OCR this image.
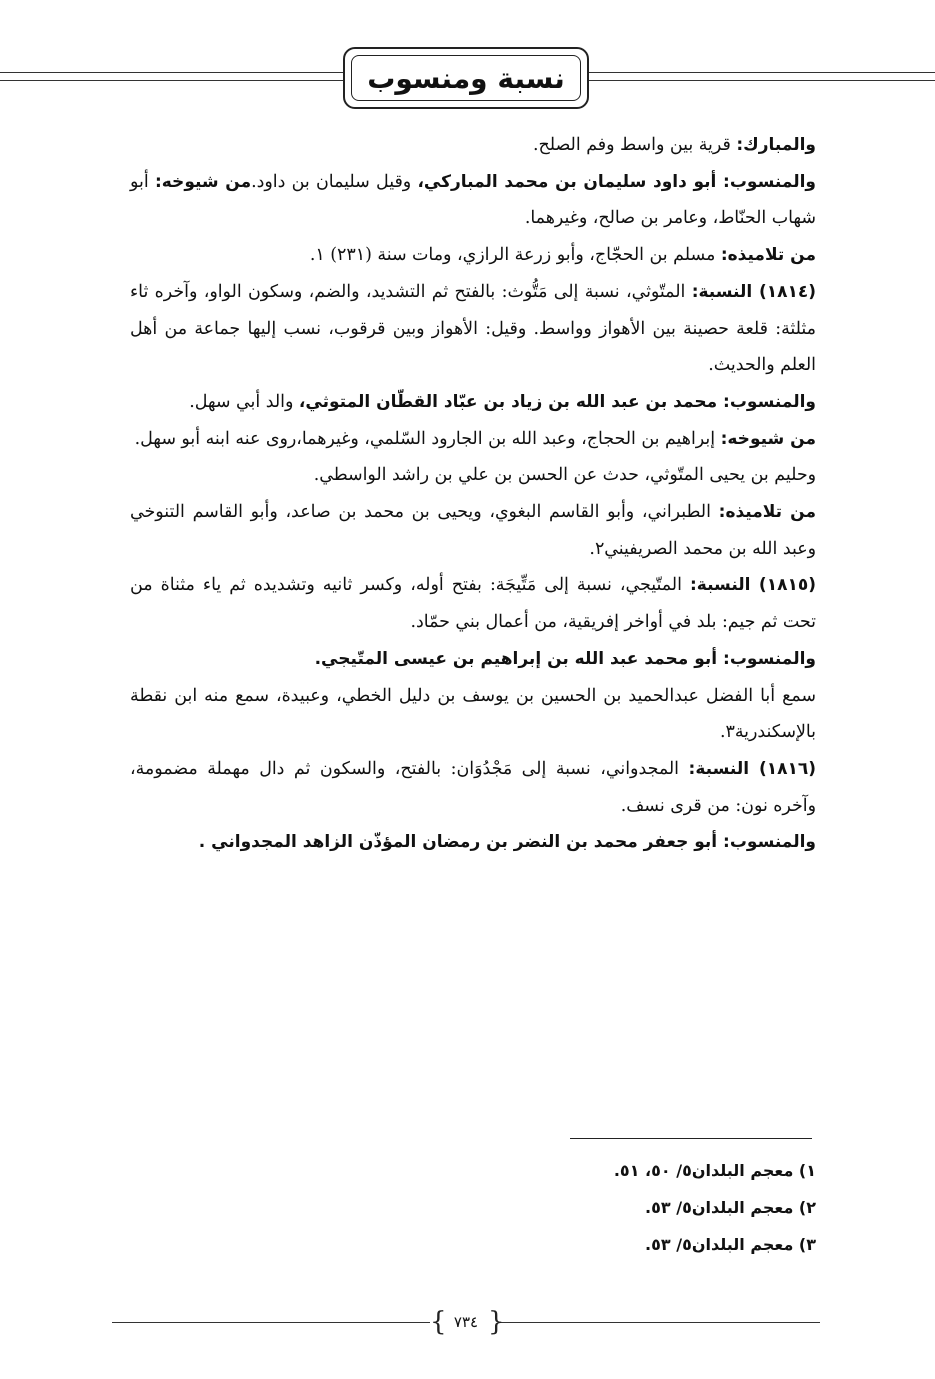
نسبة ومنسوب

والمبارك: قرية بين واسط وفم الصلح.

والمنسوب: أبو داود سليمان بن محمد المباركي، وقيل سليمان بن داود.من شيوخه: أبو شهاب الحنّاط، وعامر بن صالح، وغيرهما.

من تلاميذه: مسلم بن الحجّاج، وأبو زرعة الرازي، ومات سنة (٢٣١) ١.

(١٨١٤) النسبة: المتّوثي، نسبة إلى مَتُّوث: بالفتح ثم التشديد، والضم، وسكون الواو، وآخره ثاء مثلثة: قلعة حصينة بين الأهواز وواسط. وقيل: الأهواز وبين قرقوب، نسب إليها جماعة من أهل العلم والحديث.

والمنسوب: محمد بن عبد الله بن زياد بن عبّاد القطّان المتوثي، والد أبي سهل.

من شيوخه: إبراهيم بن الحجاج، وعبد الله بن الجارود السّلمي، وغيرهما،روى عنه ابنه أبو سهل.

وحليم بن يحيى المتّوثي، حدث عن الحسن بن علي بن راشد الواسطي.

من تلاميذه: الطبراني، وأبو القاسم البغوي، ويحيى بن محمد بن صاعد، وأبو القاسم التنوخي وعبد الله بن محمد الصريفيني٢.

(١٨١٥) النسبة: المتّيجي، نسبة إلى مَتِّيجَة: بفتح أوله، وكسر ثانيه وتشديده ثم ياء مثناة من تحت ثم جيم: بلد في أواخر إفريقية، من أعمال بني حمّاد.

والمنسوب: أبو محمد عبد الله بن إبراهيم بن عيسى المتّيجي.

سمع أبا الفضل عبدالحميد بن الحسين بن يوسف بن دليل الخطي، وعبيدة، سمع منه ابن نقطة بالإسكندرية٣.

(١٨١٦) النسبة: المجدواني، نسبة إلى مَجْدُوَان: بالفتح، والسكون ثم دال مهملة مضمومة، وآخره نون: من قرى نسف.

والمنسوب: أبو جعفر محمد بن النضر بن رمضان المؤذّن الزاهد المجدواني .

١) معجم البلدان٥/ ٥٠، ٥١.
٢) معجم البلدان٥/ ٥٣.
٣) معجم البلدان٥/ ٥٣.
{ ٧٣٤ }
